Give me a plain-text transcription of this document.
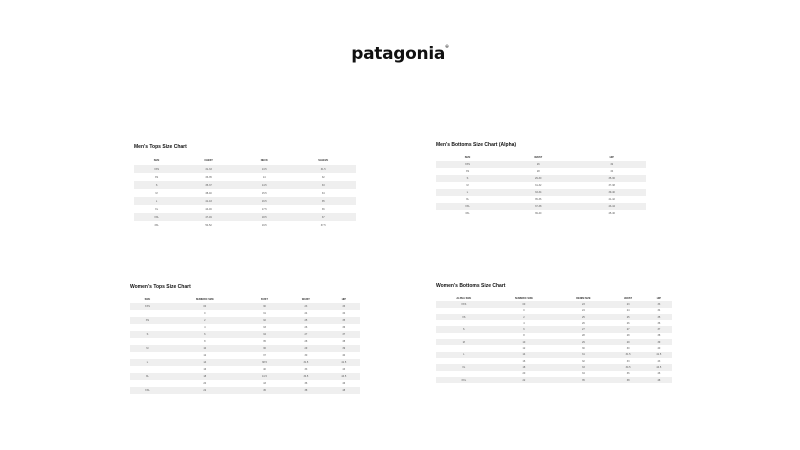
patagonia®
Men's Tops Size Chart
SIZE	CHEST	NECK	SLEEVE
XXS	31-33	13.5	31.5
XS	33-35	14	32
S	35-37	14.5	33
M	38-40	15.5	34
L	41-43	16.5	35
XL	44-46	17.5	36
XXL	47-49	18.5	37
3XL	50-52	19.5	37.5
Men's Bottoms Size Chart (Alpha)
SIZE	WAIST	HIP
XXS	26	32
XS	28	34
S	29-30	35-36
M	31-32	37-38
L	33-34	39-40
XL	35-36	41-42
XXL	37-38	43-44
3XL	39-40	45-46
Women's Tops Size Chart
SIZE	NUMERIC SIZE	BUST	WAIST	HIP
XXS	00	30	23	33
	0	31	24	34
XS	2	32	25	35
	4	33	26	36
S	6	34	27	37
	8	35	28	38
M	10	36	29	39
	12	37	30	40
L	14	38.5	31.5	41.5
	16	40	33	43
XL	18	41.5	34.5	44.5
	20	43	36	46
XXL	22	45	38	48
Women's Bottoms Size Chart
ALPHA SIZE	NUMERIC SIZE	DENIM SIZE	WAIST	HIP
XXS	00	23	23	33
	0	24	24	34
XS	2	25	25	35
	4	26	26	36
S	6	27	27	37
	8	28	28	38
M	10	29	29	39
	12	30	30	40
L	14	31	31.5	41.5
	16	32	33	43
XL	18	33	34.5	44.5
	20	34	36	46
XXL	22	35	38	48
